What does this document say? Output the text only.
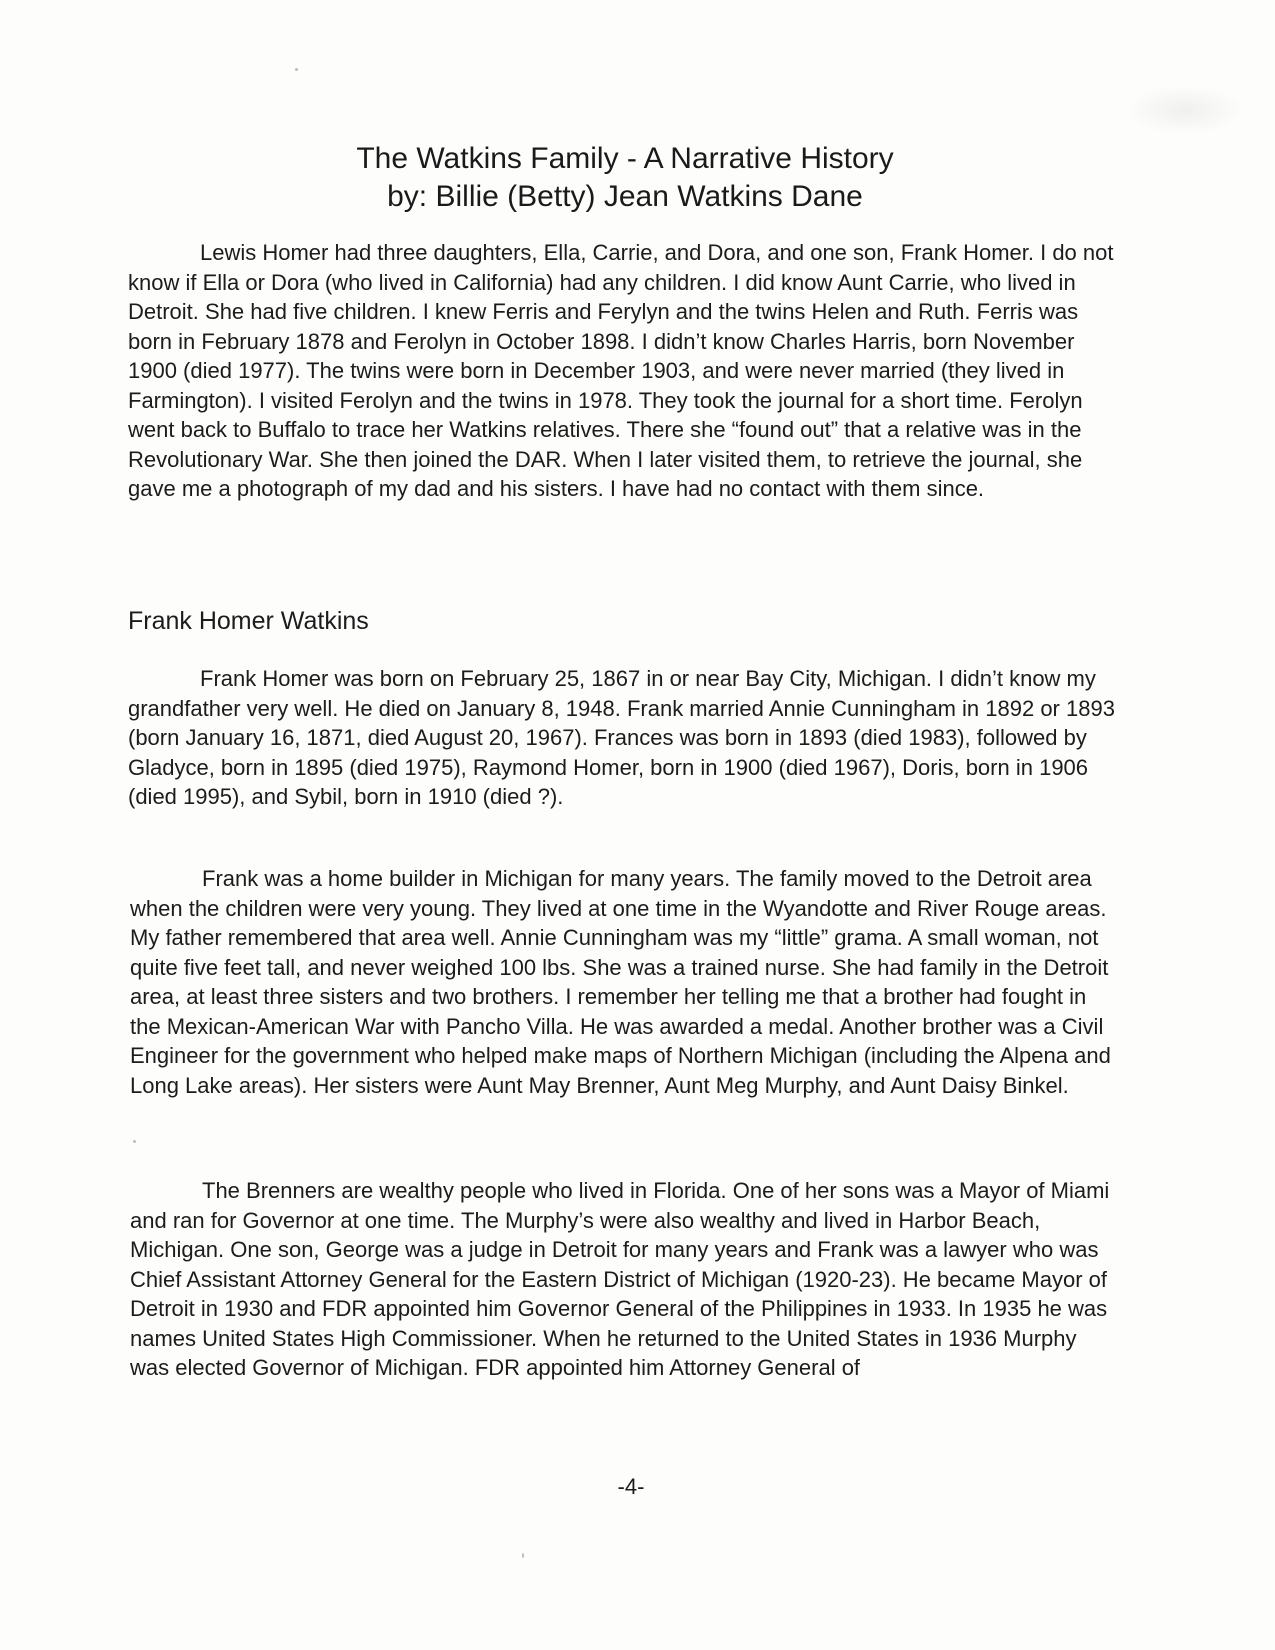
The Watkins Family - A Narrative History
by: Billie (Betty) Jean Watkins Dane

Lewis Homer had three daughters, Ella, Carrie, and Dora, and one son, Frank Homer. I do not know if Ella or Dora (who lived in California) had any children. I did know Aunt Carrie, who lived in Detroit. She had five children. I knew Ferris and Ferylyn and the twins Helen and Ruth. Ferris was born in February 1878 and Ferolyn in October 1898. I didn’t know Charles Harris, born November 1900 (died 1977). The twins were born in December 1903, and were never married (they lived in Farmington). I visited Ferolyn and the twins in 1978. They took the journal for a short time. Ferolyn went back to Buffalo to trace her Watkins relatives. There she “found out” that a relative was in the Revolutionary War. She then joined the DAR. When I later visited them, to retrieve the journal, she gave me a photograph of my dad and his sisters. I have had no contact with them since.

Frank Homer Watkins

Frank Homer was born on February 25, 1867 in or near Bay City, Michigan. I didn’t know my grandfather very well. He died on January 8, 1948. Frank married Annie Cunningham in 1892 or 1893 (born January 16, 1871, died August 20, 1967). Frances was born in 1893 (died 1983), followed by Gladyce, born in 1895 (died 1975), Raymond Homer, born in 1900 (died 1967), Doris, born in 1906 (died 1995), and Sybil, born in 1910 (died ?).

Frank was a home builder in Michigan for many years. The family moved to the Detroit area when the children were very young. They lived at one time in the Wyandotte and River Rouge areas. My father remembered that area well. Annie Cunningham was my “little” grama. A small woman, not quite five feet tall, and never weighed 100 lbs. She was a trained nurse. She had family in the Detroit area, at least three sisters and two brothers. I remember her telling me that a brother had fought in the Mexican-American War with Pancho Villa. He was awarded a medal. Another brother was a Civil Engineer for the government who helped make maps of Northern Michigan (including the Alpena and Long Lake areas). Her sisters were Aunt May Brenner, Aunt Meg Murphy, and Aunt Daisy Binkel.

The Brenners are wealthy people who lived in Florida. One of her sons was a Mayor of Miami and ran for Governor at one time. The Murphy’s were also wealthy and lived in Harbor Beach, Michigan. One son, George was a judge in Detroit for many years and Frank was a lawyer who was Chief Assistant Attorney General for the Eastern District of Michigan (1920-23). He became Mayor of Detroit in 1930 and FDR appointed him Governor General of the Philippines in 1933. In 1935 he was names United States High Commissioner. When he returned to the United States in 1936 Murphy was elected Governor of Michigan. FDR appointed him Attorney General of

-4-
